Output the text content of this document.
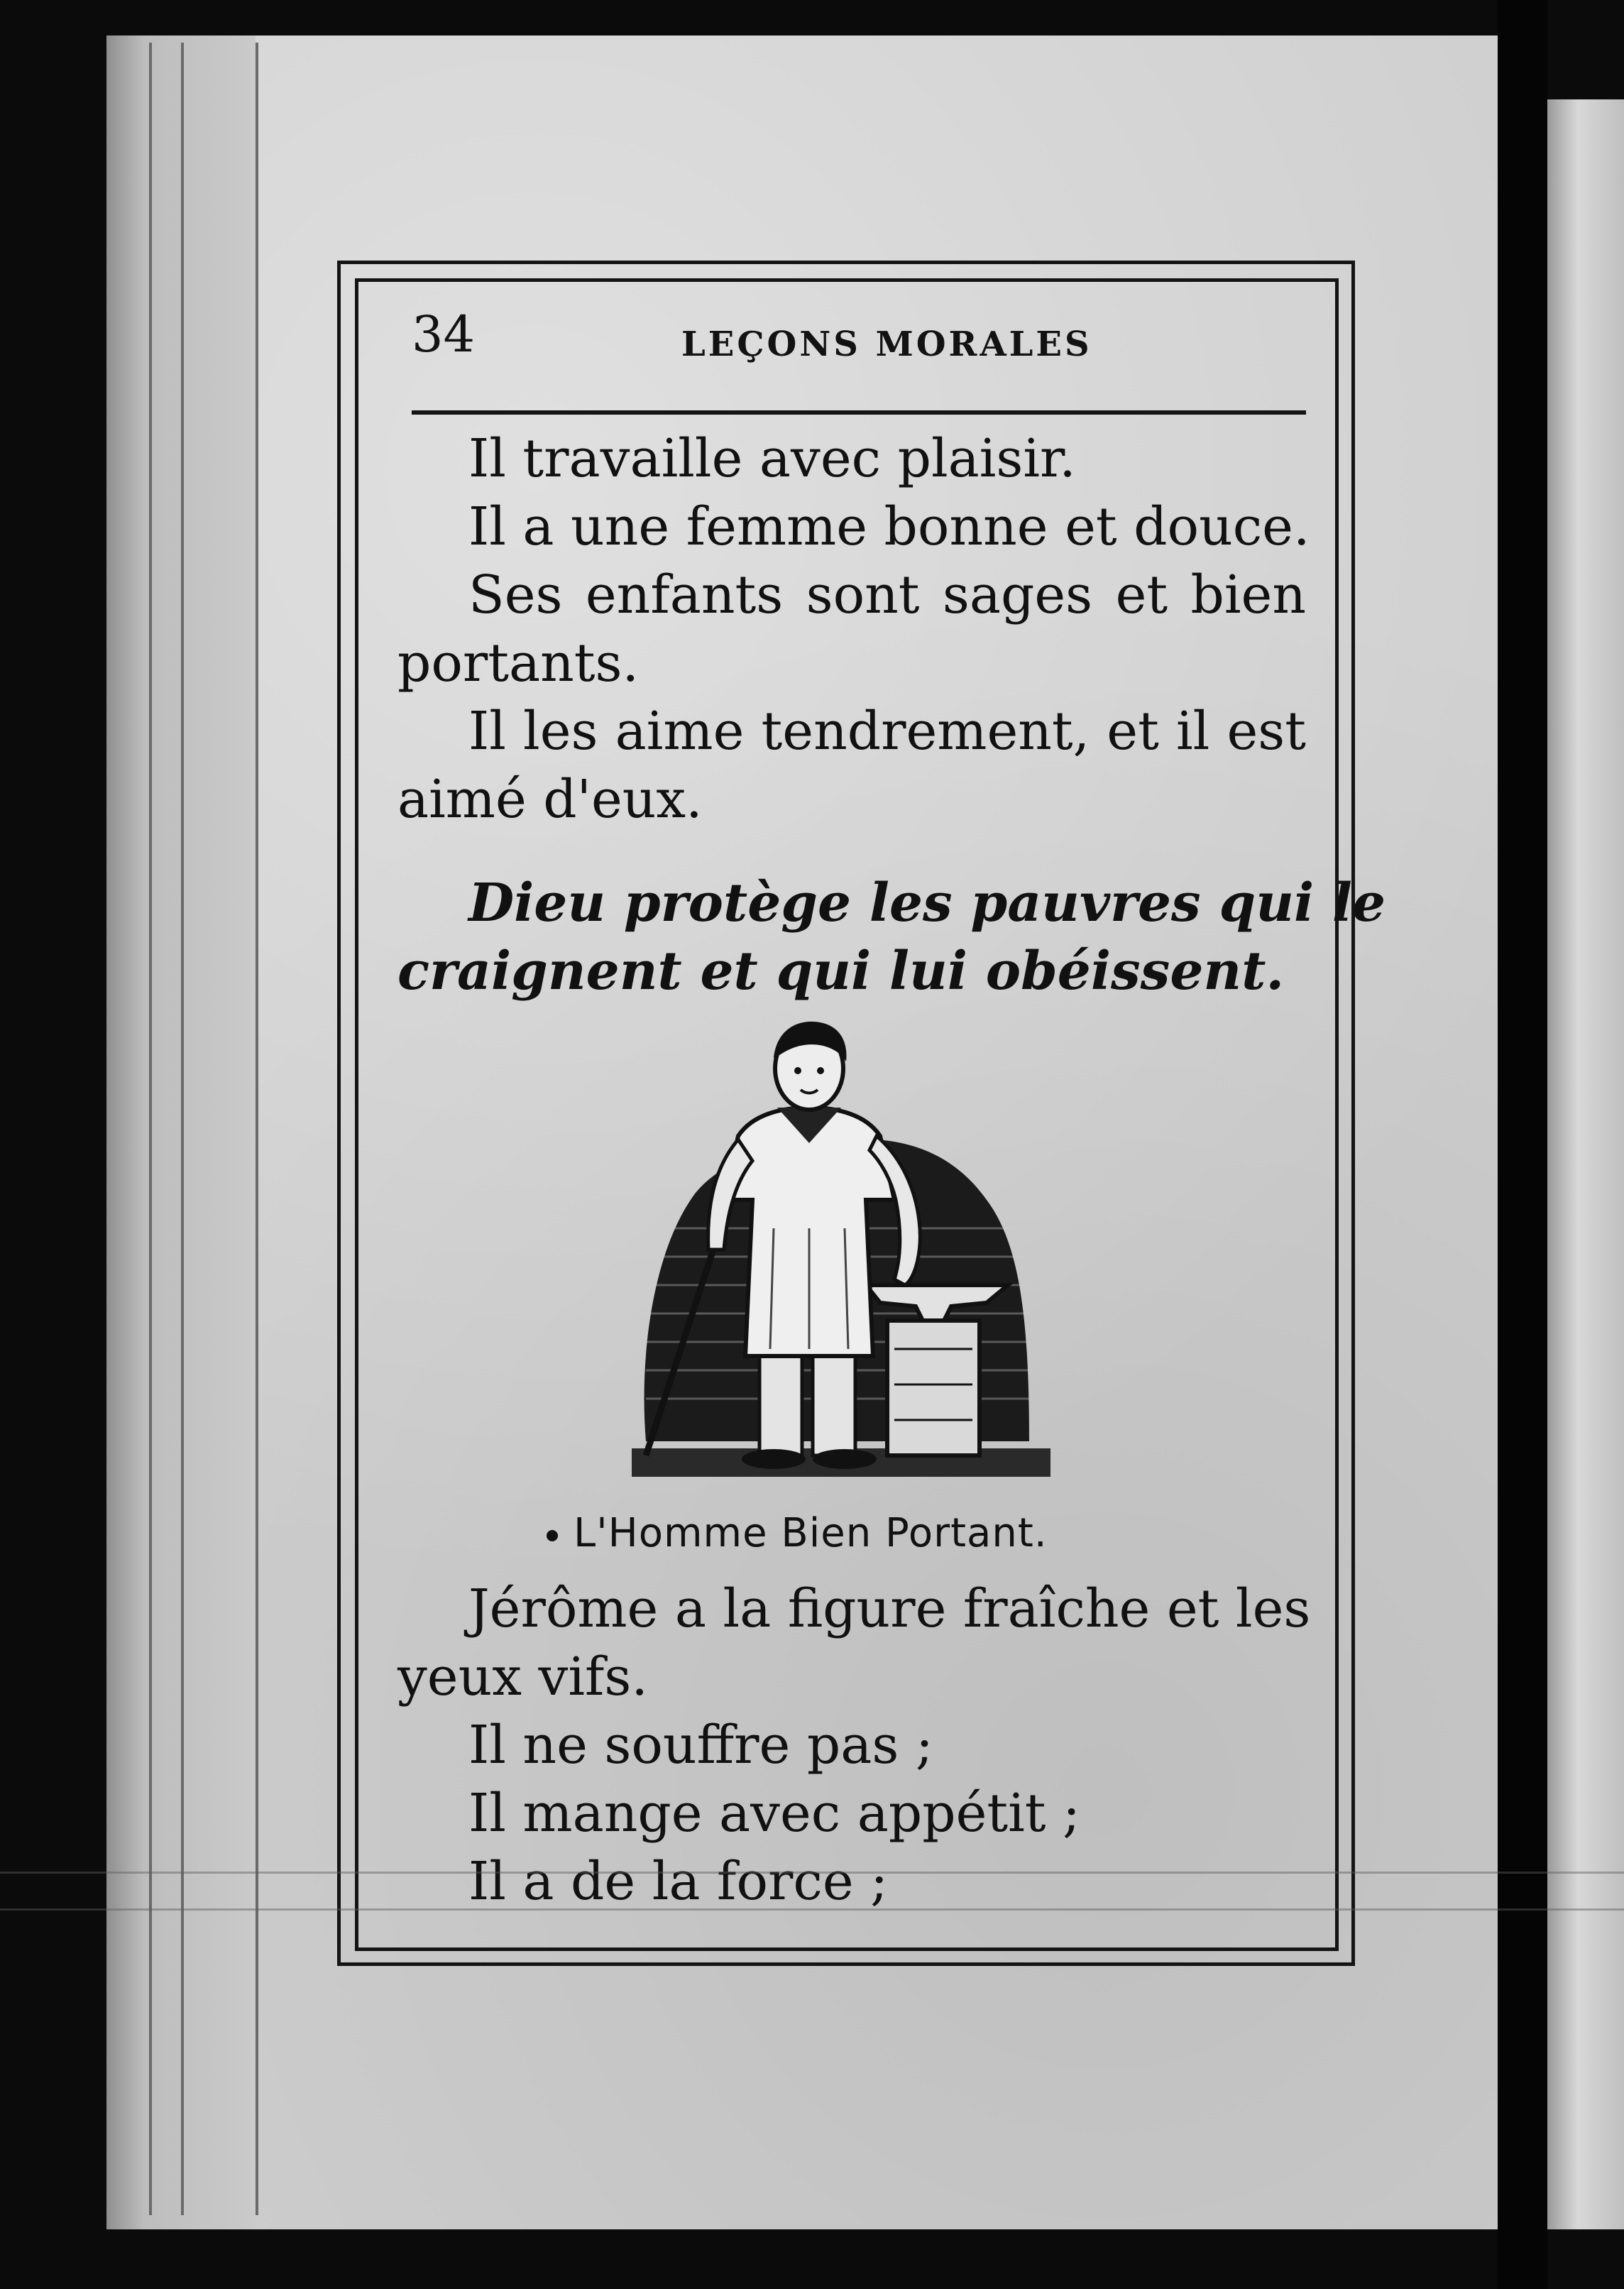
34	LEÇONS MORALES
Il travaille avec plaisir.
Il a une femme bonne et douce.
Ses enfants sont sages et bien
portants.
Il les aime tendrement, et il est
aimé d'eux.
Dieu protège les pauvres qui le
craignent et qui lui obéissent.
L'Homme Bien Portant.
Jérôme a la figure fraîche et les
yeux vifs.
Il ne souffre pas ;
Il mange avec appétit ;
Il a de la force ;
